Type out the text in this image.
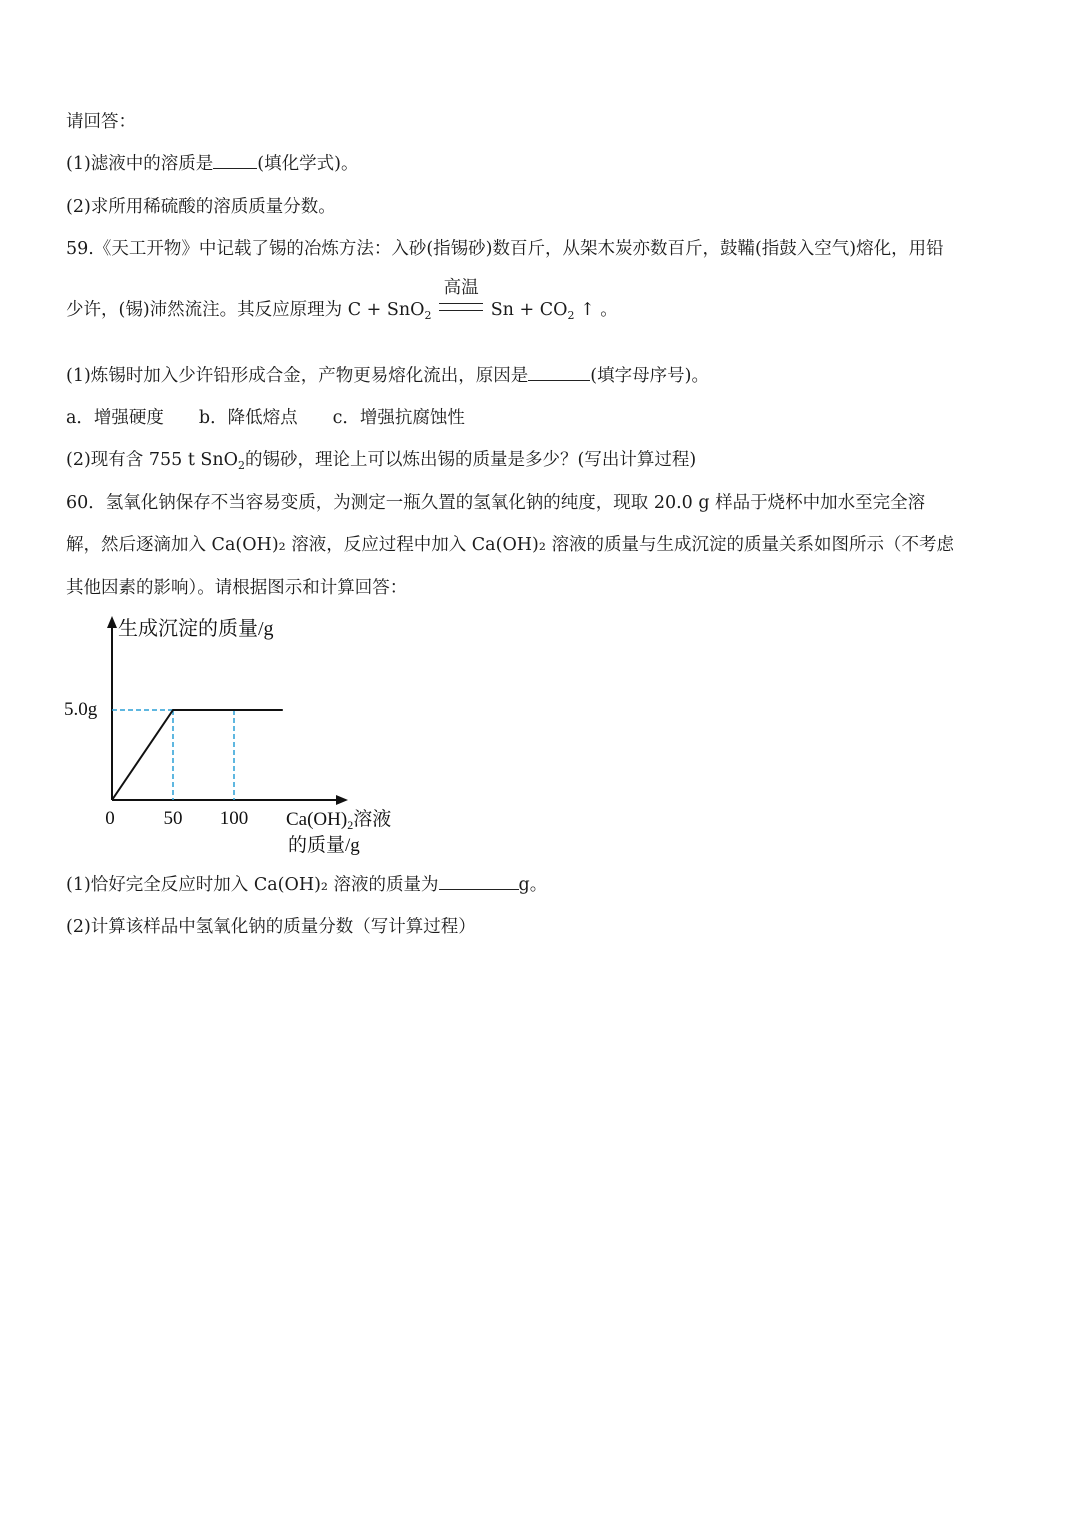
请回答：
(1)滤液中的溶质是	(填化学式)。
(2)求所用稀硫酸的溶质质量分数。
59.《天工开物》中记载了锡的冶炼方法：入砂(指锡砂)数百斤，从架木炭亦数百斤，鼓鞴(指鼓入空气)熔化，用铅
少许，(锡)沛然流注。其反应原理为 C + SnO$_2$
高温
$Sn + CO_2$ ↑ 。
(1)炼锡时加入少许铅形成合金，产物更易熔化流出，原因是	(填字母序号)。
a．增强硬度　　b．降低熔点　　c．增强抗腐蚀性
(2)现有含 755 t SnO$_2$的锡砂，理论上可以炼出锡的质量是多少？(写出计算过程)
60．氢氧化钠保存不当容易变质，为测定一瓶久置的氢氧化钠的纯度，现取 20.0 g 样品于烧杯中加水至完全溶
解，然后逐滴加入 Ca(OH)₂ 溶液，反应过程中加入 Ca(OH)₂ 溶液的质量与生成沉淀的质量关系如图所示（不考虑
其他因素的影响）。请根据图示和计算回答：
生成沉淀的质量/g
5.0g
0	50 100 $Ca(OH)_2$溶液
的质量/g
(1)恰好完全反应时加入 Ca(OH)₂ 溶液的质量为	g。
(2)计算该样品中氢氧化钠的质量分数（写计算过程）
